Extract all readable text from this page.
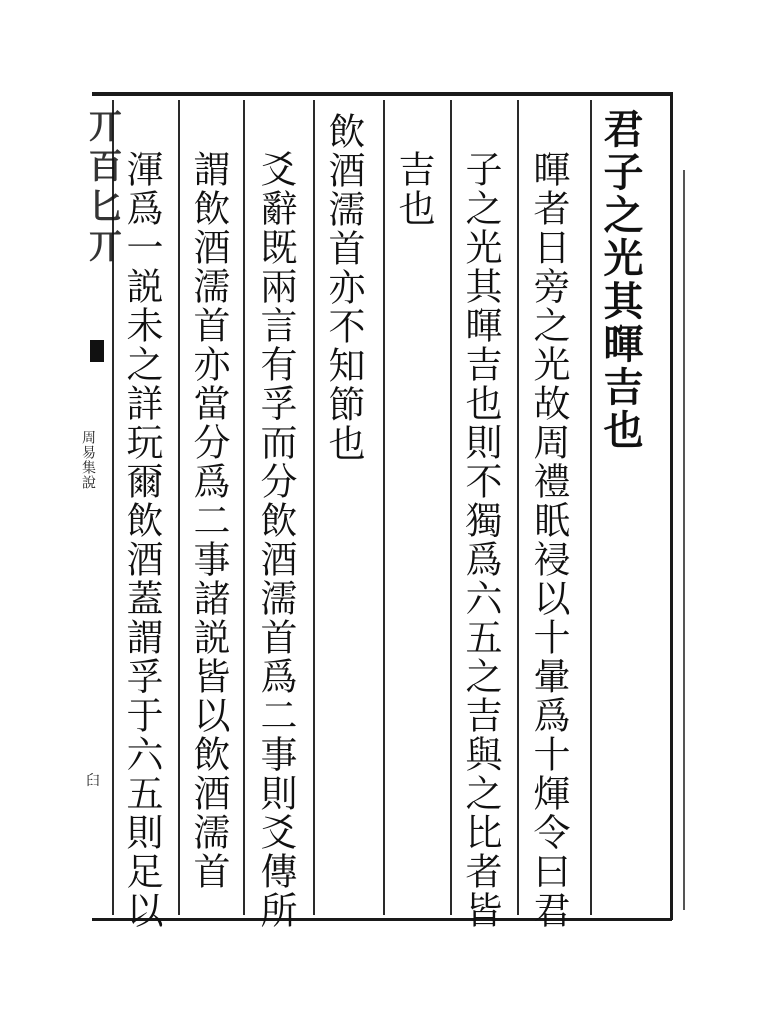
丌百匕丌
周易集說
𦥑
君子之光其暉吉也
暉者日旁之光故周禮眂祲以十暈爲十煇令曰君
子之光其暉吉也則不獨爲六五之吉與之比者皆
吉也
飲酒濡首亦不知節也
爻辭既兩言有孚而分飲酒濡首爲二事則爻傳所
謂飲酒濡首亦當分爲二事諸説皆以飲酒濡首
渾爲一説未之詳玩爾飲酒蓋謂孚于六五則足以
